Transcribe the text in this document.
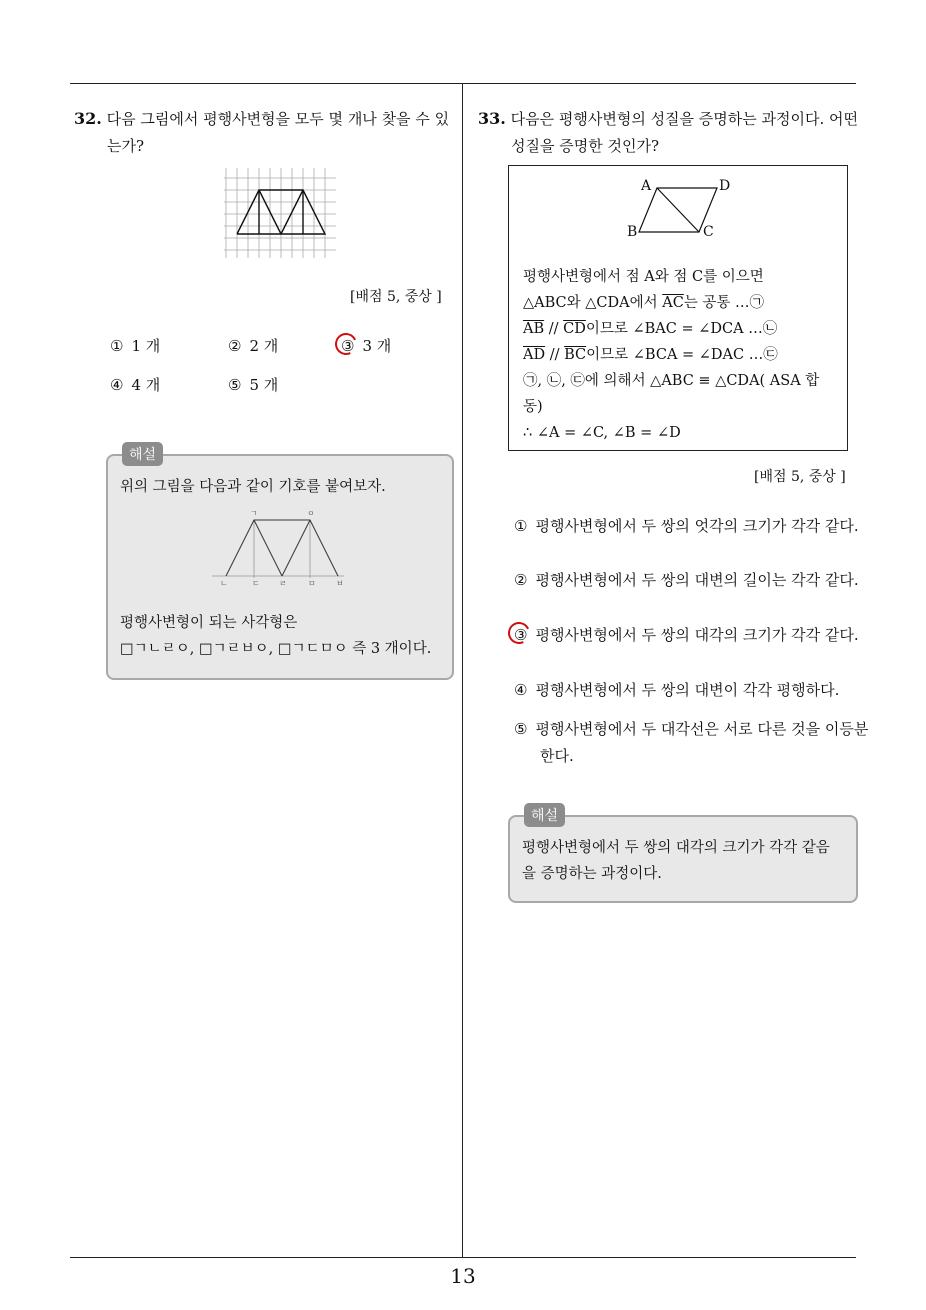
13
32. 다음 그림에서 평행사변형을 모두 몇 개나 찾을 수 있
는가?
[배점 5, 중상 ]
① 1 개	② 2 개	③ 3 개
④ 4 개	⑤ 5 개
해설
위의 그림을 다음과 같이 기호를 붙여보자.
ㄱ	ㅇ
ㄴ	ㄷ ㄹ	ㅁ	ㅂ
평행사변형이 되는 사각형은
□ㄱㄴㄹㅇ, □ㄱㄹㅂㅇ, □ㄱㄷㅁㅇ 즉 3 개이다.
33. 다음은 평행사변형의 성질을 증명하는 과정이다. 어떤
성질을 증명한 것인가?
A	D
B	C
평행사변형에서 점 A와 점 C를 이으면
△ABC와 △CDA에서 $\overline{AC}$는 공통 …㉠
$\overline{AB} // \overline{CD}$이므로 ∠BAC = ∠DCA …㉡
$\overline{AD} // \overline{BC}$이므로 ∠BCA = ∠DAC …㉢
㉠, ㉡, ㉢에 의해서 △ABC ≡ △CDA( ASA 합
동)
∴ ∠A = ∠C, ∠B = ∠D
[배점 5, 중상 ]
① 평행사변형에서 두 쌍의 엇각의 크기가 각각 같다.
② 평행사변형에서 두 쌍의 대변의 길이는 각각 같다.
③ 평행사변형에서 두 쌍의 대각의 크기가 각각 같다.
④ 평행사변형에서 두 쌍의 대변이 각각 평행하다.
⑤ 평행사변형에서 두 대각선은 서로 다른 것을 이등분한다.
해설
평행사변형에서 두 쌍의 대각의 크기가 각각 같음
을 증명하는 과정이다.
